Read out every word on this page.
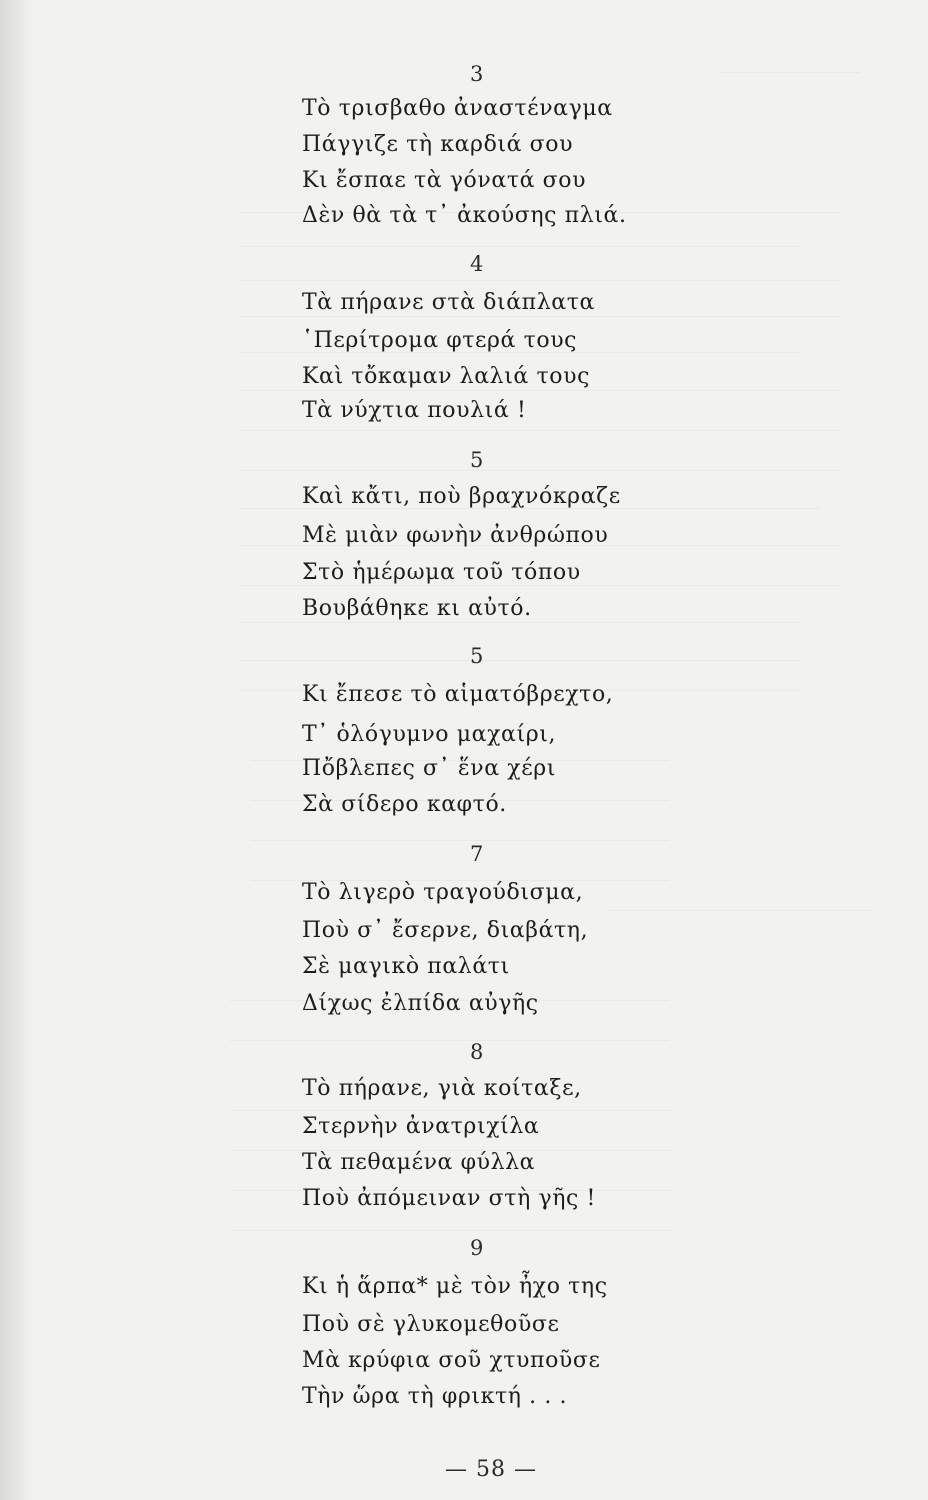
3
Τὸ τρισβαθο ἀναστέναγμα
Πάγγιζε τὴ καρδιά σου
Κι ἔσπαε τὰ γόνατά σου
Δὲν θὰ τὰ τ᾽ ἀκούσης πλιά.
4
Τὰ πήρανε στὰ διάπλατα
῾Περίτρομα φτερά τους
Καὶ τὄκαμαν λαλιά τους
Τὰ νύχτια πουλιά !
5
Καὶ κἄτι, ποὺ βραχνόκραζε
Μὲ μιὰν φωνὴν ἀνθρώπου
Στὸ ἡμέρωμα τοῦ τόπου
Βουβάθηκε κι αὐτό.
5
Κι ἔπεσε τὸ αἱματόβρεχτο,
Τ᾽ ὁλόγυμνο μαχαίρι,
Πὄβλεπες σ᾽ ἕνα χέρι
Σὰ σίδερο καφτό.
7
Τὸ λιγερὸ τραγούδισμα,
Ποὺ σ᾽ ἔσερνε, διαβάτη,
Σὲ μαγικὸ παλάτι
Δίχως ἐλπίδα αὐγῆς
8
Τὸ πήρανε, γιὰ κοίταξε,
Στερνὴν ἀνατριχίλα
Τὰ πεθαμένα φύλλα
Ποὺ ἀπόμειναν στὴ γῆς !
9
Κι ἡ ἅρπα* μὲ τὸν ἦχο της
Ποὺ σὲ γλυκομεθοῦσε
Μὰ κρύφια σοῦ χτυποῦσε
Τὴν ὥρα τὴ φρικτή . . .
— 58 —
